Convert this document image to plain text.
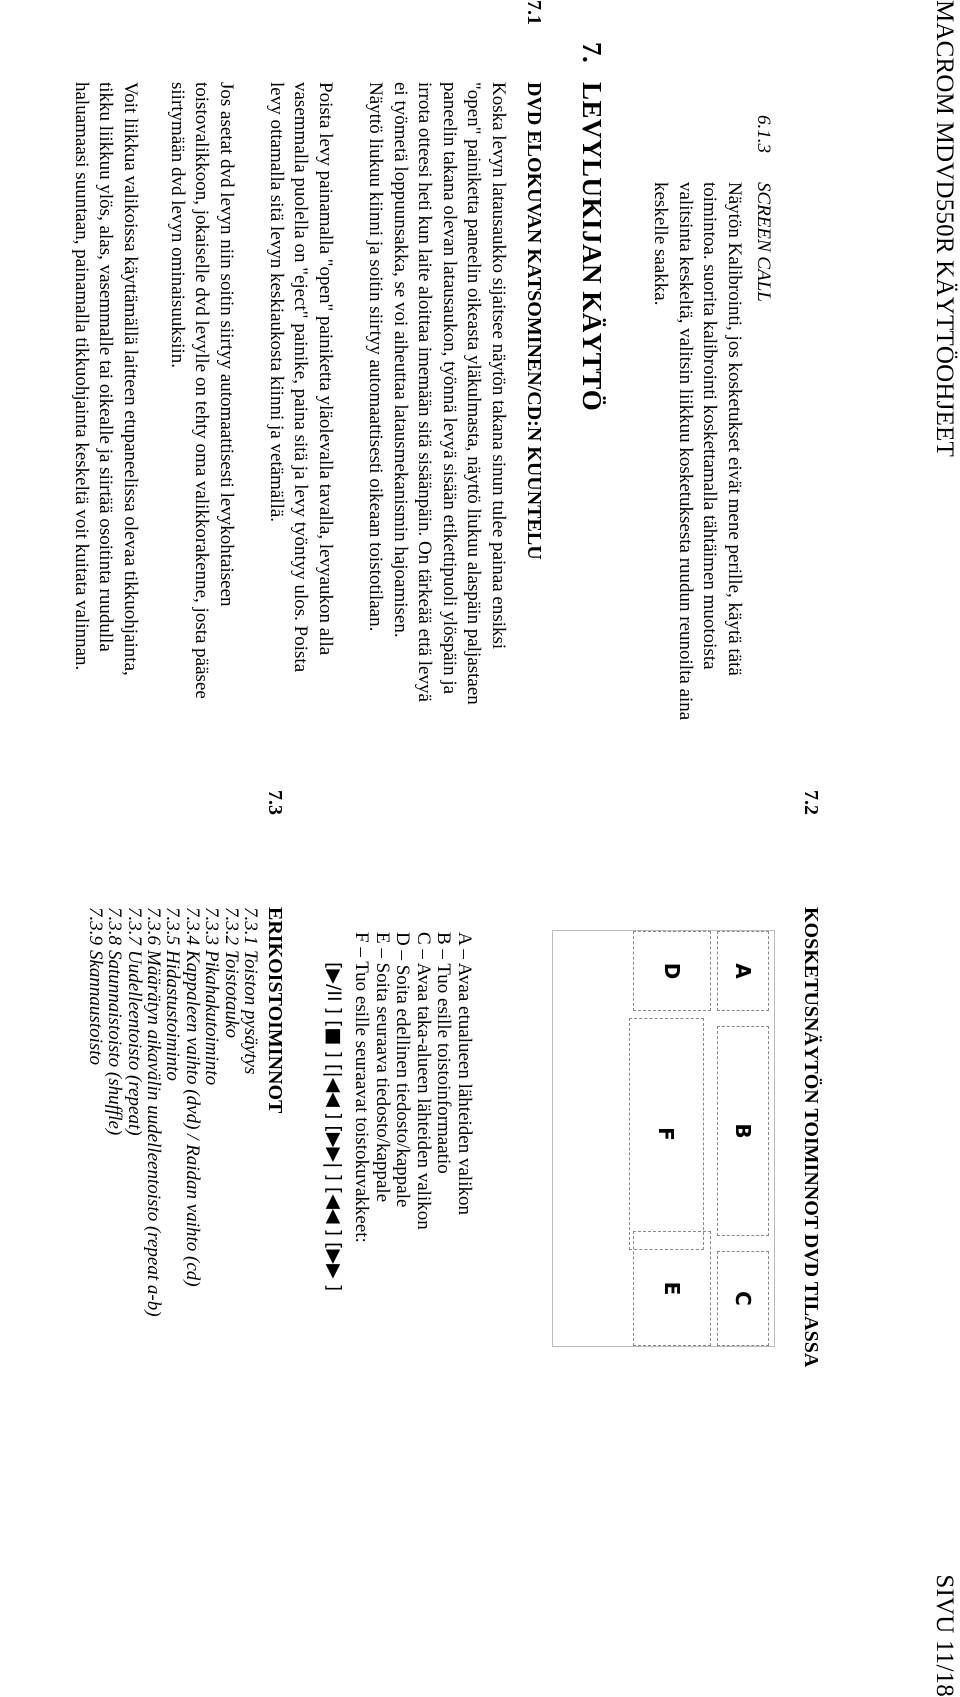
MACROM MDVD550R KÄYTTÖOHJEET
SIVU 11/18
6.1.3
SCREEN CALL
Näytön Kalibrointi, jos kosketukset eivät mene perille, käytä tätä
toimintoa. suorita kalibrointi koskettamalla tähtäimen muotoista
valitsinta keskeltä, valitsin liikkuu kosketuksesta ruudun reunoilta aina
keskelle saakka.
7.
LEVYLUKIJAN KÄYTTÖ
7.1
DVD ELOKUVAN KATSOMINEN/CD:N KUUNTELU
Koska levyn latausaukko sijaitsee näytön takana sinun tulee painaa ensiksi
"open" painiketta paneelin oikeasta yläkulmasta, näyttö liukuu alaspäin paljastaen
paneelin takana olevan latausaukon, työnnä levyä sisään etikettipuoli ylöspäin ja
irrota otteesi heti kun laite aloittaa imemään sitä sisäänpäin. On tärkeää että levyä
ei työmetä loppuunsakka, se voi aiheuttaa latausmekanismin hajoamisen.
Näyttö liukuu kiinni ja soitin siirtyy automaattisesti oikeaan toistotilaan.
Poista levy painamalla "open" painiketta yläolevalla tavalla, levyaukon alla
vasemmalla puolella on "eject" painike, paina sitä ja levy työntyy ulos. Poista
levy ottamalla sitä levyn keskiaukosta kiinni ja vetämällä.
Jos asetat dvd levyn niin soitin siirtyy automaattisesti levykohtaiseen
toistovalikkoon, jokaiselle dvd levylle on tehty oma valikkorakenne, josta pääsee
siirtymään dvd levyn ominaisuuksiin.
Voit liikkua valikoissa käyttämällä laitteen etupaneelissa olevaa tikkuohjainta,
tikku liikkuu ylös, alas, vasemmalle tai oikealle ja siirtää osoitinta ruudulla
haluamaasi suuntaan, painamalla tikkuohjainta keskeltä voit kuitata valinnan.
7.2
KOSKETUSNÄYTÖN TOIMINNOT DVD TILASSA
A
B
C
D
E
F
A – Avaa etualueen lähteiden valikon
B – Tuo esille toistoinformaatio
C – Avaa taka-alueen lähteiden valikon
D – Soita edellinen tiedosto/kappale
E – Soita seuraava tiedosto/kappale
F – Tuo esille seuraavat toistokuvakkeet:
[▶/II] [■] [|◀◀] [▶▶|] [◀◀] [▶▶]
7.3
ERIKOISTOIMINNOT
7.3.1Toiston pysäytys
7.3.2Toistotauko
7.3.3Pikahakutoiminto
7.3.4Kappaleen vaihto (dvd) / Raidan vaihto (cd)
7.3.5Hidastustoiminto
7.3.6Määrätyn aikavälin uudelleentoisto (repeat a-b)
7.3.7Uudelleentoisto (repeat)
7.3.8Satunnaistoisto (shuffle)
7.3.9Skannaustoisto
